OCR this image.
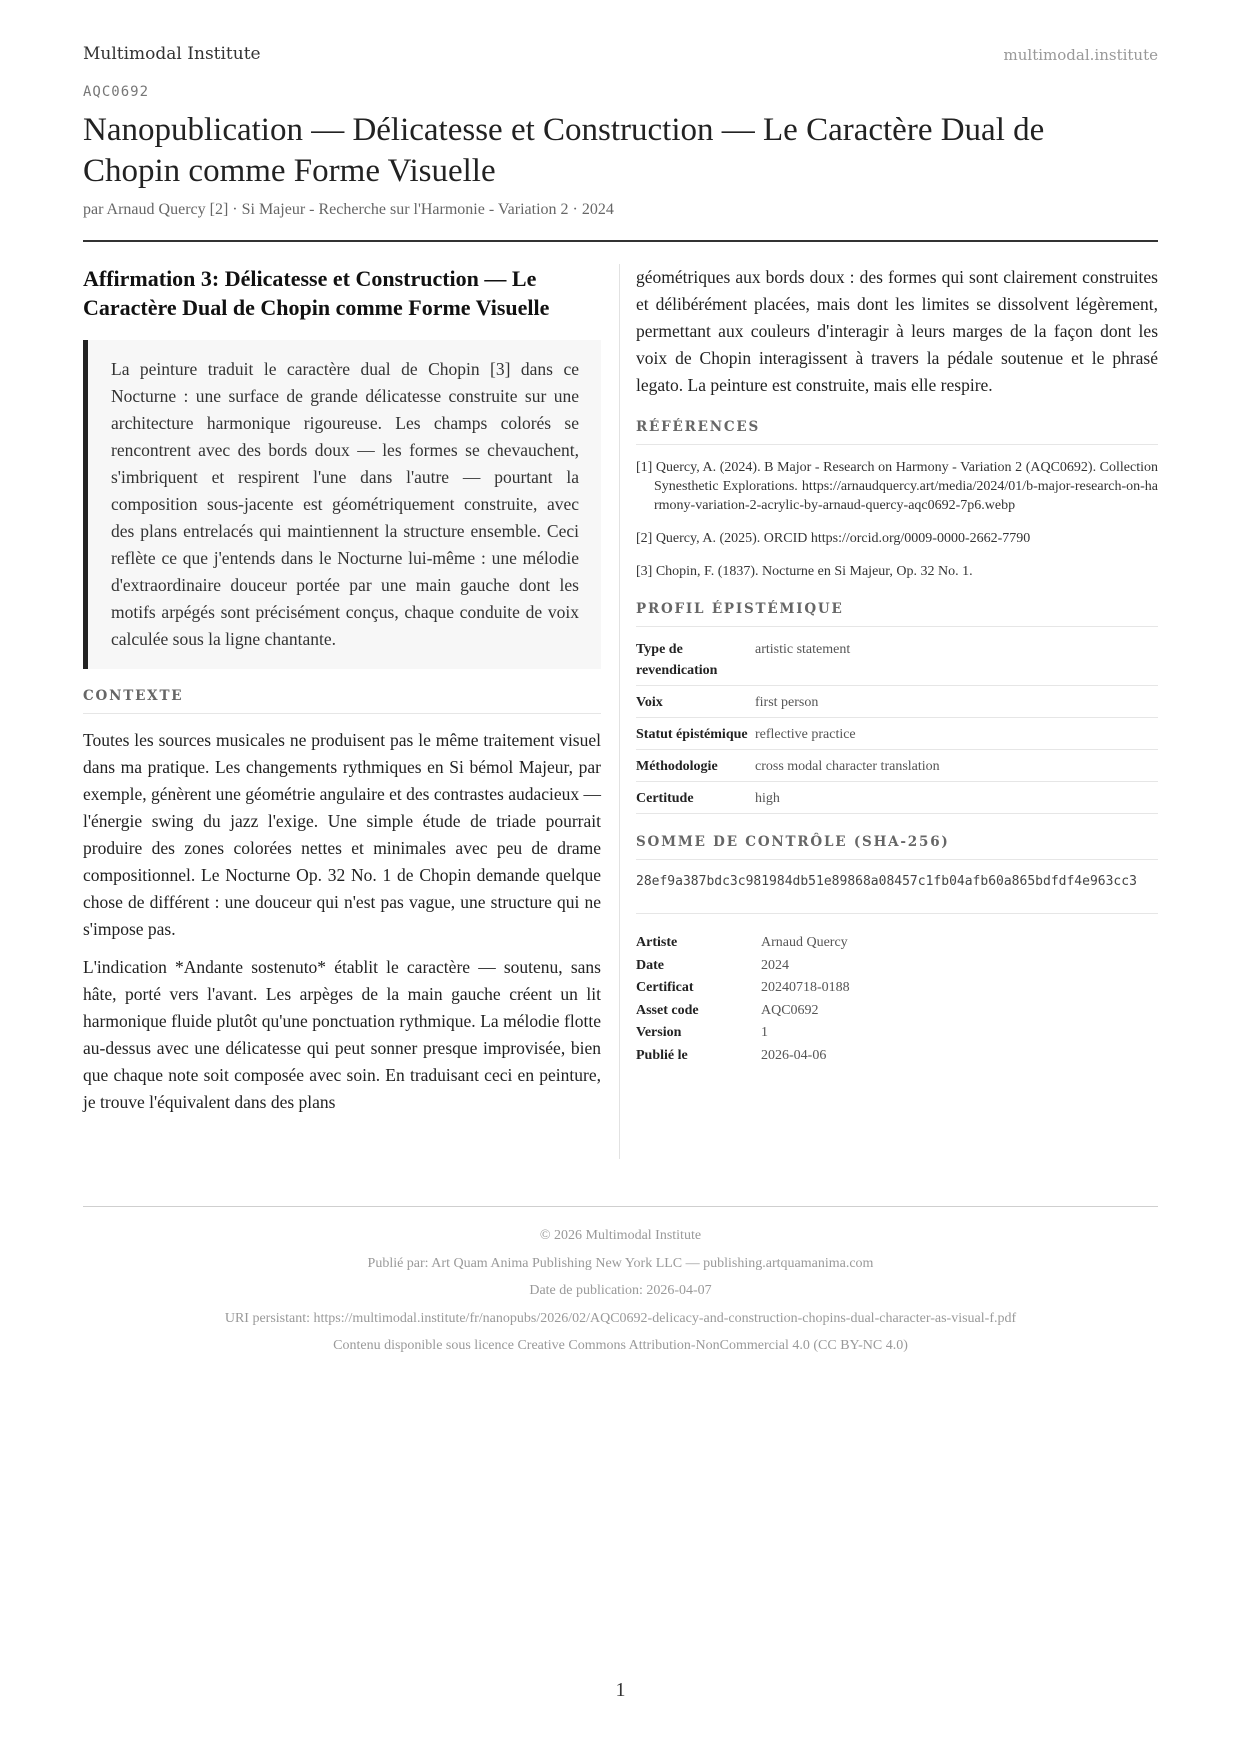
Multimodal Institute	multimodal.institute
AQC0692
Nanopublication — Délicatesse et Construction — Le Caractère Dual de Chopin comme Forme Visuelle
par Arnaud Quercy [2] · Si Majeur - Recherche sur l'Harmonie - Variation 2 · 2024
Affirmation 3: Délicatesse et Construction — Le Caractère Dual de Chopin comme Forme Visuelle

La peinture traduit le caractère dual de Chopin [3] dans ce Nocturne : une surface de grande délicatesse construite sur une architecture harmonique rigoureuse. Les champs colorés se rencontrent avec des bords doux — les formes se chevauchent, s'imbriquent et respirent l'une dans l'autre — pourtant la composition sous-jacente est géométriquement construite, avec des plans entrelacés qui maintiennent la structure ensemble. Ceci reflète ce que j'entends dans le Nocturne lui-même : une mélodie d'extraordinaire douceur portée par une main gauche dont les motifs arpégés sont précisément conçus, chaque conduite de voix calculée sous la ligne chantante.

CONTEXTE

Toutes les sources musicales ne produisent pas le même traitement visuel dans ma pratique. Les changements rythmiques en Si bémol Majeur, par exemple, génèrent une géométrie angulaire et des contrastes audacieux — l'énergie swing du jazz l'exige. Une simple étude de triade pourrait produire des zones colorées nettes et minimales avec peu de drame compositionnel. Le Nocturne Op. 32 No. 1 de Chopin demande quelque chose de différent : une douceur qui n'est pas vague, une structure qui ne s'impose pas.

L'indication *Andante sostenuto* établit le caractère — soutenu, sans hâte, porté vers l'avant. Les arpèges de la main gauche créent un lit harmonique fluide plutôt qu'une ponctuation rythmique. La mélodie flotte au-dessus avec une délicatesse qui peut sonner presque improvisée, bien que chaque note soit composée avec soin. En traduisant ceci en peinture, je trouve l'équivalent dans des plans

géométriques aux bords doux : des formes qui sont clairement construites et délibérément placées, mais dont les limites se dissolvent légèrement, permettant aux couleurs d'interagir à leurs marges de la façon dont les voix de Chopin interagissent à travers la pédale soutenue et le phrasé legato. La peinture est construite, mais elle respire.

RÉFÉRENCES
[1] Quercy, A. (2024). B Major - Research on Harmony - Variation 2 (AQC0692). Collection Synesthetic Explorations. https://arnaudquercy.art/media/2024/01/b-major-research-on-harmony-variation-2-acrylic-by-arnaud-quercy-aqc0692-7p6.webp
[2] Quercy, A. (2025). ORCID https://orcid.org/0009-0000-2662-7790
[3] Chopin, F. (1837). Nocturne en Si Majeur, Op. 32 No. 1.
PROFIL ÉPISTÉMIQUE
Type de revendication	artistic statement
Voix	first person
Statut épistémique	reflective practice
Méthodologie	cross modal character translation
Certitude	high
SOMME DE CONTRÔLE (SHA-256)
28ef9a387bdc3c981984db51e89868a08457c1fb04afb60a865bdfdf4e963cc3
Artiste	Arnaud Quercy
Date	2024
Certificat	20240718-0188
Asset code	AQC0692
Version	1
Publié le	2026-04-06
© 2026 Multimodal Institute
Publié par: Art Quam Anima Publishing New York LLC — publishing.artquamanima.com
Date de publication: 2026-04-07
URI persistant: https://multimodal.institute/fr/nanopubs/2026/02/AQC0692-delicacy-and-construction-chopins-dual-character-as-visual-f.pdf
Contenu disponible sous licence Creative Commons Attribution-NonCommercial 4.0 (CC BY-NC 4.0)
1
